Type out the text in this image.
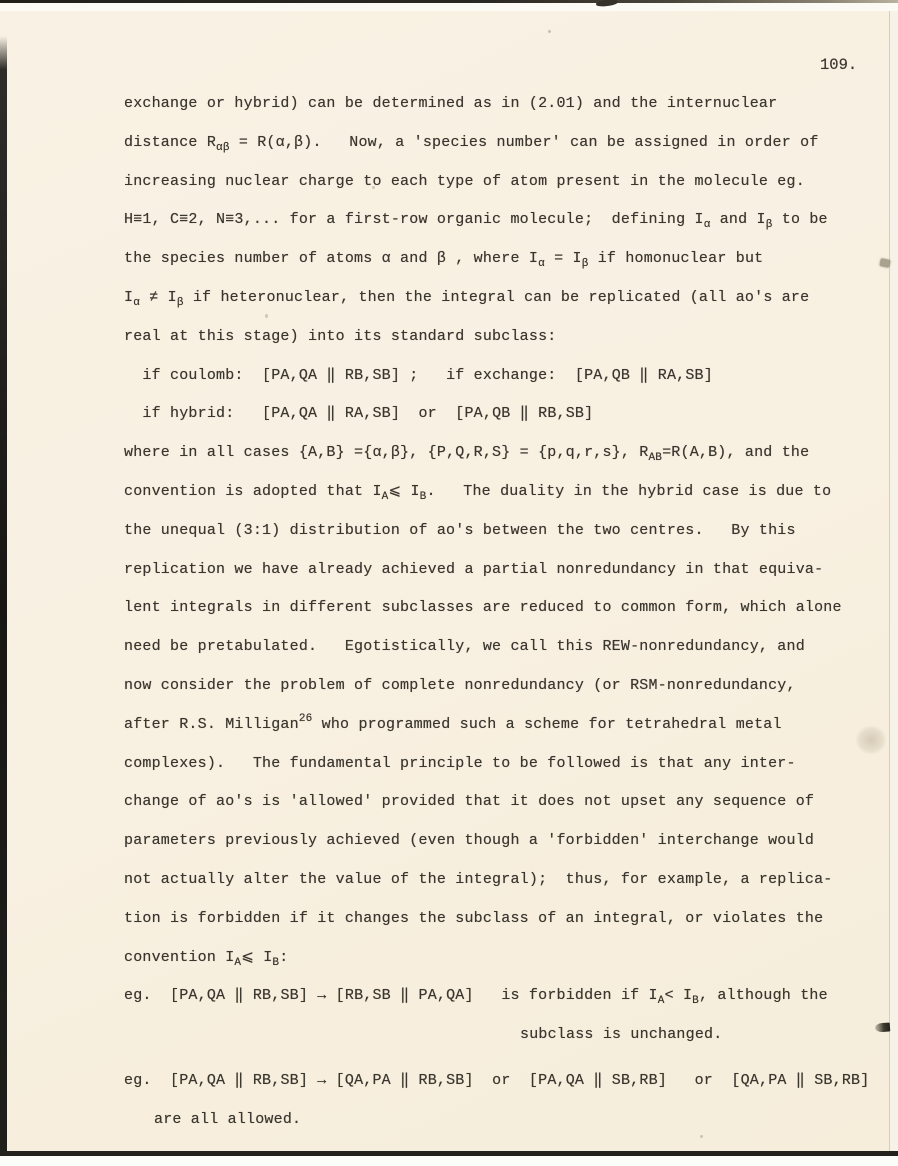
109.
exchange or hybrid) can be determined as in (2.01) and the internuclear
distance $R_{\alpha\beta} = R(\alpha,\beta)$.   Now, a 'species number' can be assigned in order of
increasing nuclear charge to each type of atom present in the molecule eg.
H≡1, C≡2, N≡3,... for a first-row organic molecule;  defining $I_\alpha$ and $I_\beta$ to be
the species number of atoms α and β , where $I_\alpha = I_\beta$ if homonuclear but
$I_\alpha \ne I_\beta$ if heteronuclear, then the integral can be replicated (all ao's are
real at this stage) into its standard subclass:
if coulomb:  [PA,QA ‖ RB,SB] ;   if exchange:  [PA,QB ‖ RA,SB]
if hybrid:   [PA,QA ‖ RA,SB]  or  [PA,QB ‖ RB,SB]
where in all cases {A,B} ={α,β}, {P,Q,R,S} = {p,q,r,s}, $R_{AB}=R(A,B)$, and the
convention is adopted that $I_A⩽$ $I_B$.   The duality in the hybrid case is due to
the unequal (3:1) distribution of ao's between the two centres.   By this
replication we have already achieved a partial nonredundancy in that equiva-
lent integrals in different subclasses are reduced to common form, which alone
need be pretabulated.   Egotistically, we call this REW-nonredundancy, and
now consider the problem of complete nonredundancy (or RSM-nonredundancy,
after R.S. Milligan$^{26}$ who programmed such a scheme for tetrahedral metal
complexes).   The fundamental principle to be followed is that any inter-
change of ao's is 'allowed' provided that it does not upset any sequence of
parameters previously achieved (even though a 'forbidden' interchange would
not actually alter the value of the integral);  thus, for example, a replica-
tion is forbidden if it changes the subclass of an integral, or violates the
convention $I_A⩽$ $I_B$:
eg.  [PA,QA ‖ RB,SB] → [RB,SB ‖ PA,QA]   is forbidden if $I_A< I_B$, although the
subclass is unchanged.
eg.  [PA,QA ‖ RB,SB] → [QA,PA ‖ RB,SB]  or  [PA,QA ‖ SB,RB]   or  [QA,PA ‖ SB,RB]
are all allowed.
